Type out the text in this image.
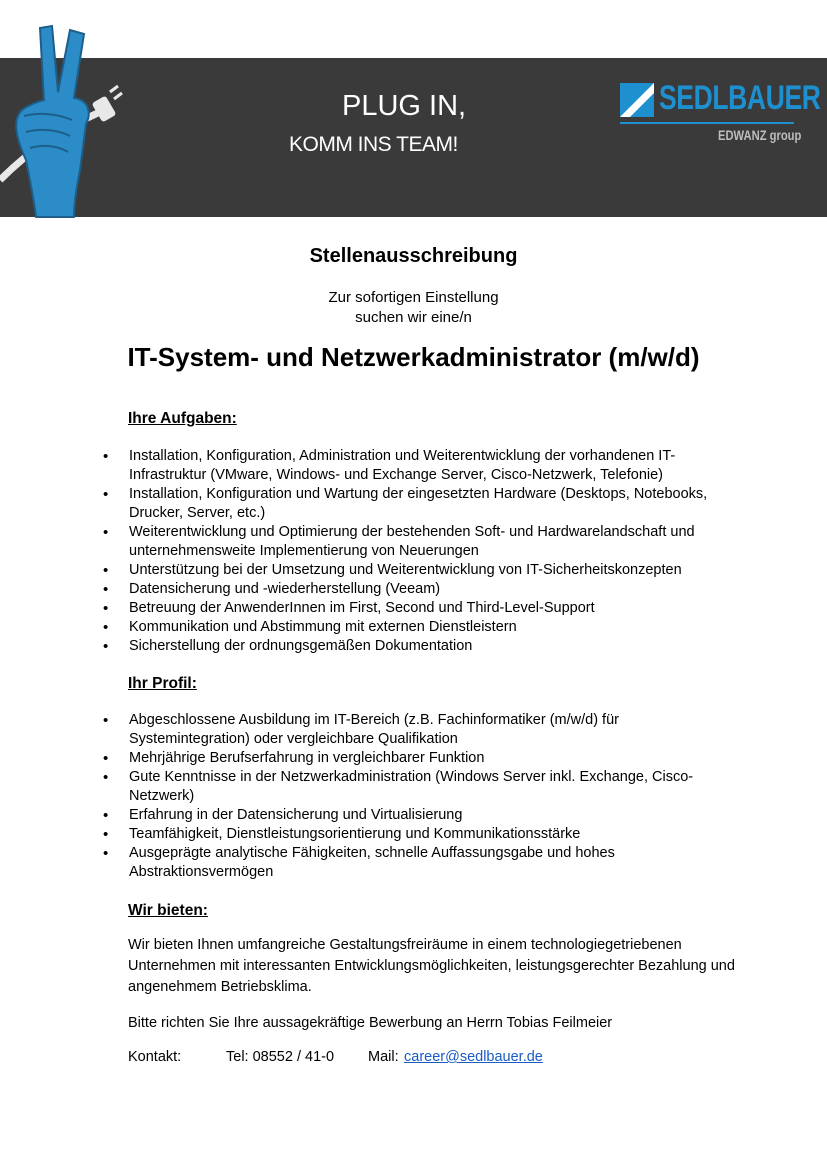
PLUG IN,
KOMM INS TEAM!
SEDLBAUER
EDWANZ group
Stellenausschreibung
Zur sofortigen Einstellung
suchen wir eine/n
IT-System- und Netzwerkadministrator (m/w/d)
Ihre Aufgaben:
• Installation, Konfiguration, Administration und Weiterentwicklung der vorhandenen IT-Infrastruktur (VMware, Windows- und Exchange Server, Cisco-Netzwerk, Telefonie)
• Installation, Konfiguration und Wartung der eingesetzten Hardware (Desktops, Notebooks, Drucker, Server, etc.)
• Weiterentwicklung und Optimierung der bestehenden Soft- und Hardwarelandschaft und unternehmensweite Implementierung von Neuerungen
• Unterstützung bei der Umsetzung und Weiterentwicklung von IT-Sicherheitskonzepten
• Datensicherung und -wiederherstellung (Veeam)
• Betreuung der AnwenderInnen im First, Second und Third-Level-Support
• Kommunikation und Abstimmung mit externen Dienstleistern
• Sicherstellung der ordnungsgemäßen Dokumentation
Ihr Profil:
• Abgeschlossene Ausbildung im IT-Bereich (z.B. Fachinformatiker (m/w/d) für Systemintegration) oder vergleichbare Qualifikation
• Mehrjährige Berufserfahrung in vergleichbarer Funktion
• Gute Kenntnisse in der Netzwerkadministration (Windows Server inkl. Exchange, Cisco-Netzwerk)
• Erfahrung in der Datensicherung und Virtualisierung
• Teamfähigkeit, Dienstleistungsorientierung und Kommunikationsstärke
• Ausgeprägte analytische Fähigkeiten, schnelle Auffassungsgabe und hohes Abstraktionsvermögen
Wir bieten:
Wir bieten Ihnen umfangreiche Gestaltungsfreiräume in einem technologiegetriebenen Unternehmen mit interessanten Entwicklungsmöglichkeiten, leistungsgerechter Bezahlung und angenehmem Betriebsklima.
Bitte richten Sie Ihre aussagekräftige Bewerbung an Herrn Tobias Feilmeier
Kontakt:	Tel: 08552 / 41-0 Mail: career@sedlbauer.de
